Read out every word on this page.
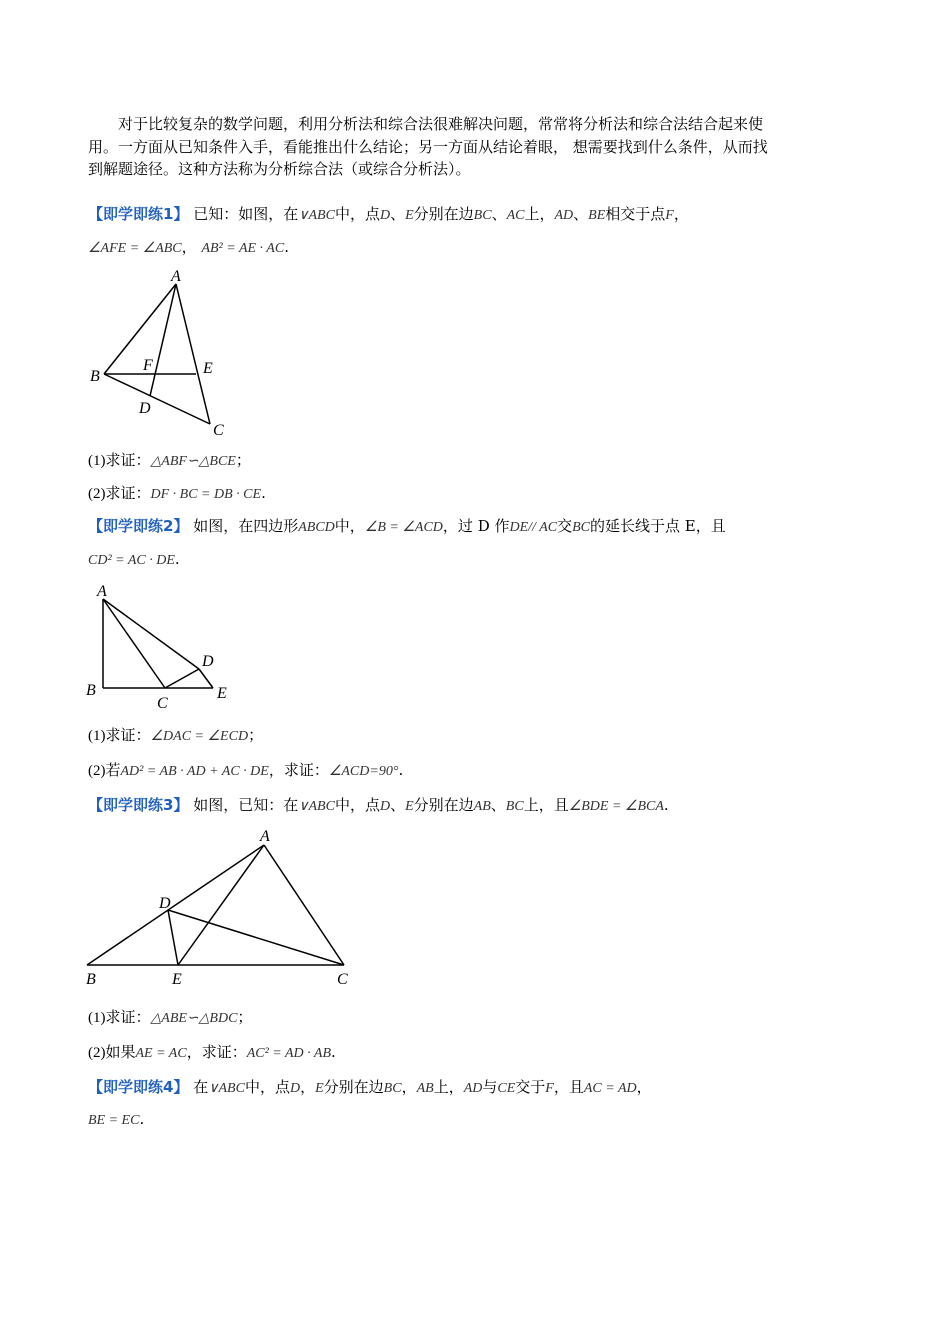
对于比较复杂的数学问题，利用分析法和综合法很难解决问题，常常将分析法和综合法结合起来使
用。一方面从已知条件入手，看能推出什么结论；另一方面从结论着眼， 想需要找到什么条件，从而找
到解题途径。这种方法称为分析综合法（或综合分析法）。
【即学即练1】 已知：如图，在∨ABC中，点D、E分别在边BC、AC上，AD、BE相交于点F，
∠AFE = ∠ABC， AB² = AE · AC.
A
B
C
D
E
F
(1)求证：△ABF∽△BCE；
(2)求证：DF · BC = DB · CE.
【即学即练2】 如图，在四边形ABCD中，∠B = ∠ACD，过 D 作DE// AC交BC的延长线于点 E，且
CD² = AC · DE.
A
B
C
D
E
(1)求证：∠DAC = ∠ECD；
(2)若AD² = AB · AD + AC · DE，求证：∠ACD=90°.
【即学即练3】 如图，已知：在∨ABC中，点D、E分别在边AB、BC上，且∠BDE = ∠BCA.
A
B	C
D
E
(1)求证：△ABE∽△BDC；
(2)如果AE = AC，求证：AC² = AD · AB.
【即学即练4】 在∨ABC中，点D，E分别在边BC，AB上，AD与CE交于F，且AC = AD，
BE = EC.
